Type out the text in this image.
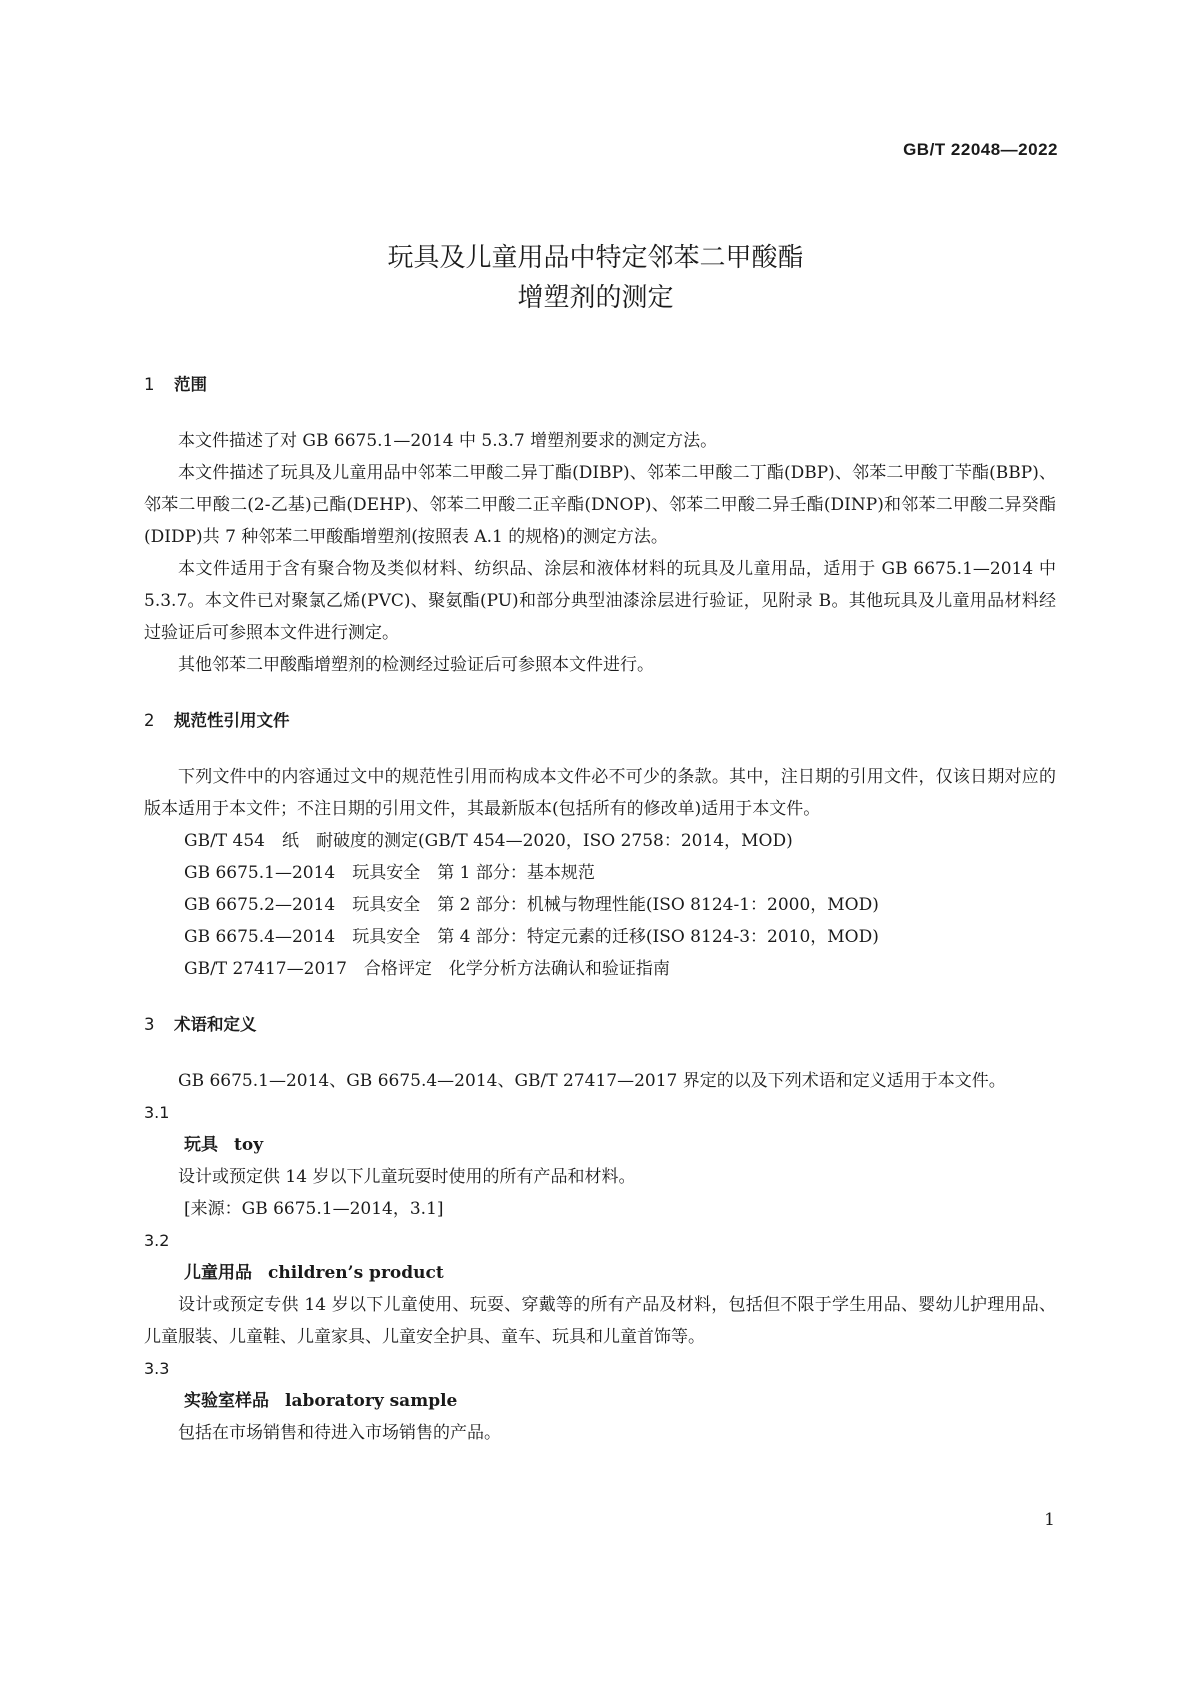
GB/T 22048—2022
玩具及儿童用品中特定邻苯二甲酸酯
增塑剂的测定
1 范围

本文件描述了对 GB 6675.1—2014 中 5.3.7 增塑剂要求的测定方法。

本文件描述了玩具及儿童用品中邻苯二甲酸二异丁酯(DIBP)、邻苯二甲酸二丁酯(DBP)、邻苯二甲酸丁苄酯(BBP)、邻苯二甲酸二(2-乙基)己酯(DEHP)、邻苯二甲酸二正辛酯(DNOP)、邻苯二甲酸二异壬酯(DINP)和邻苯二甲酸二异癸酯(DIDP)共 7 种邻苯二甲酸酯增塑剂(按照表 A.1 的规格)的测定方法。

本文件适用于含有聚合物及类似材料、纺织品、涂层和液体材料的玩具及儿童用品，适用于 GB 6675.1—2014 中 5.3.7。本文件已对聚氯乙烯(PVC)、聚氨酯(PU)和部分典型油漆涂层进行验证，见附录 B。其他玩具及儿童用品材料经过验证后可参照本文件进行测定。

其他邻苯二甲酸酯增塑剂的检测经过验证后可参照本文件进行。

2 规范性引用文件

下列文件中的内容通过文中的规范性引用而构成本文件必不可少的条款。其中，注日期的引用文件，仅该日期对应的版本适用于本文件；不注日期的引用文件，其最新版本(包括所有的修改单)适用于本文件。

GB/T 454　纸　耐破度的测定(GB/T 454—2020，ISO 2758：2014，MOD)

GB 6675.1—2014　玩具安全　第 1 部分：基本规范

GB 6675.2—2014　玩具安全　第 2 部分：机械与物理性能(ISO 8124-1：2000，MOD)

GB 6675.4—2014　玩具安全　第 4 部分：特定元素的迁移(ISO 8124-3：2010，MOD)

GB/T 27417—2017　合格评定　化学分析方法确认和验证指南

3 术语和定义

GB 6675.1—2014、GB 6675.4—2014、GB/T 27417—2017 界定的以及下列术语和定义适用于本文件。

3.1

玩具 toy

设计或预定供 14 岁以下儿童玩耍时使用的所有产品和材料。

[来源：GB 6675.1—2014，3.1]

3.2

儿童用品 children’s product

设计或预定专供 14 岁以下儿童使用、玩耍、穿戴等的所有产品及材料，包括但不限于学生用品、婴幼儿护理用品、儿童服装、儿童鞋、儿童家具、儿童安全护具、童车、玩具和儿童首饰等。

3.3

实验室样品 laboratory sample

包括在市场销售和待进入市场销售的产品。

1
